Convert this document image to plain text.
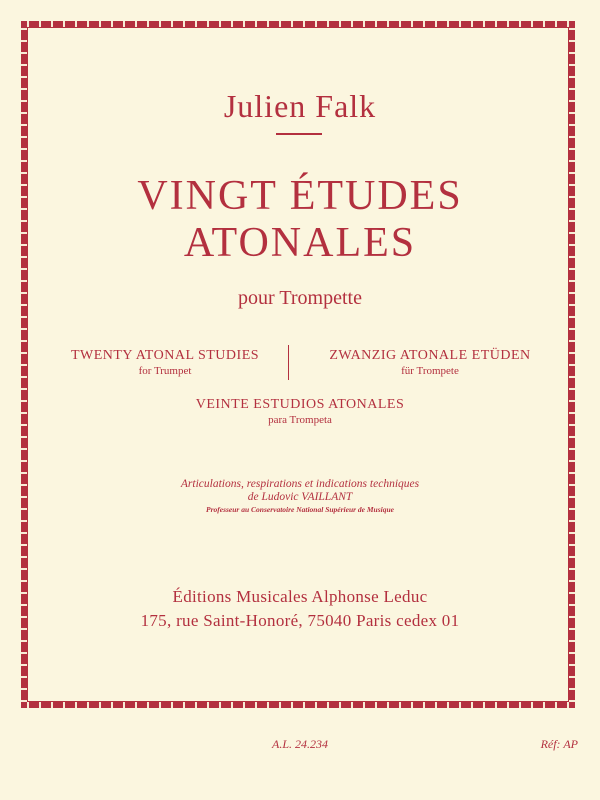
Julien Falk
VINGT ÉTUDES
ATONALES
pour Trompette
TWENTY ATONAL STUDIES
for Trumpet
ZWANZIG ATONALE ETÜDEN
für Trompete
VEINTE ESTUDIOS ATONALES
para Trompeta
Articulations, respirations et indications techniques
de Ludovic VAILLANT
Professeur au Conservatoire National Supérieur de Musique
Éditions Musicales Alphonse Leduc
175, rue Saint-Honoré, 75040 Paris cedex 01
A.L. 24.234	Réf: AP
